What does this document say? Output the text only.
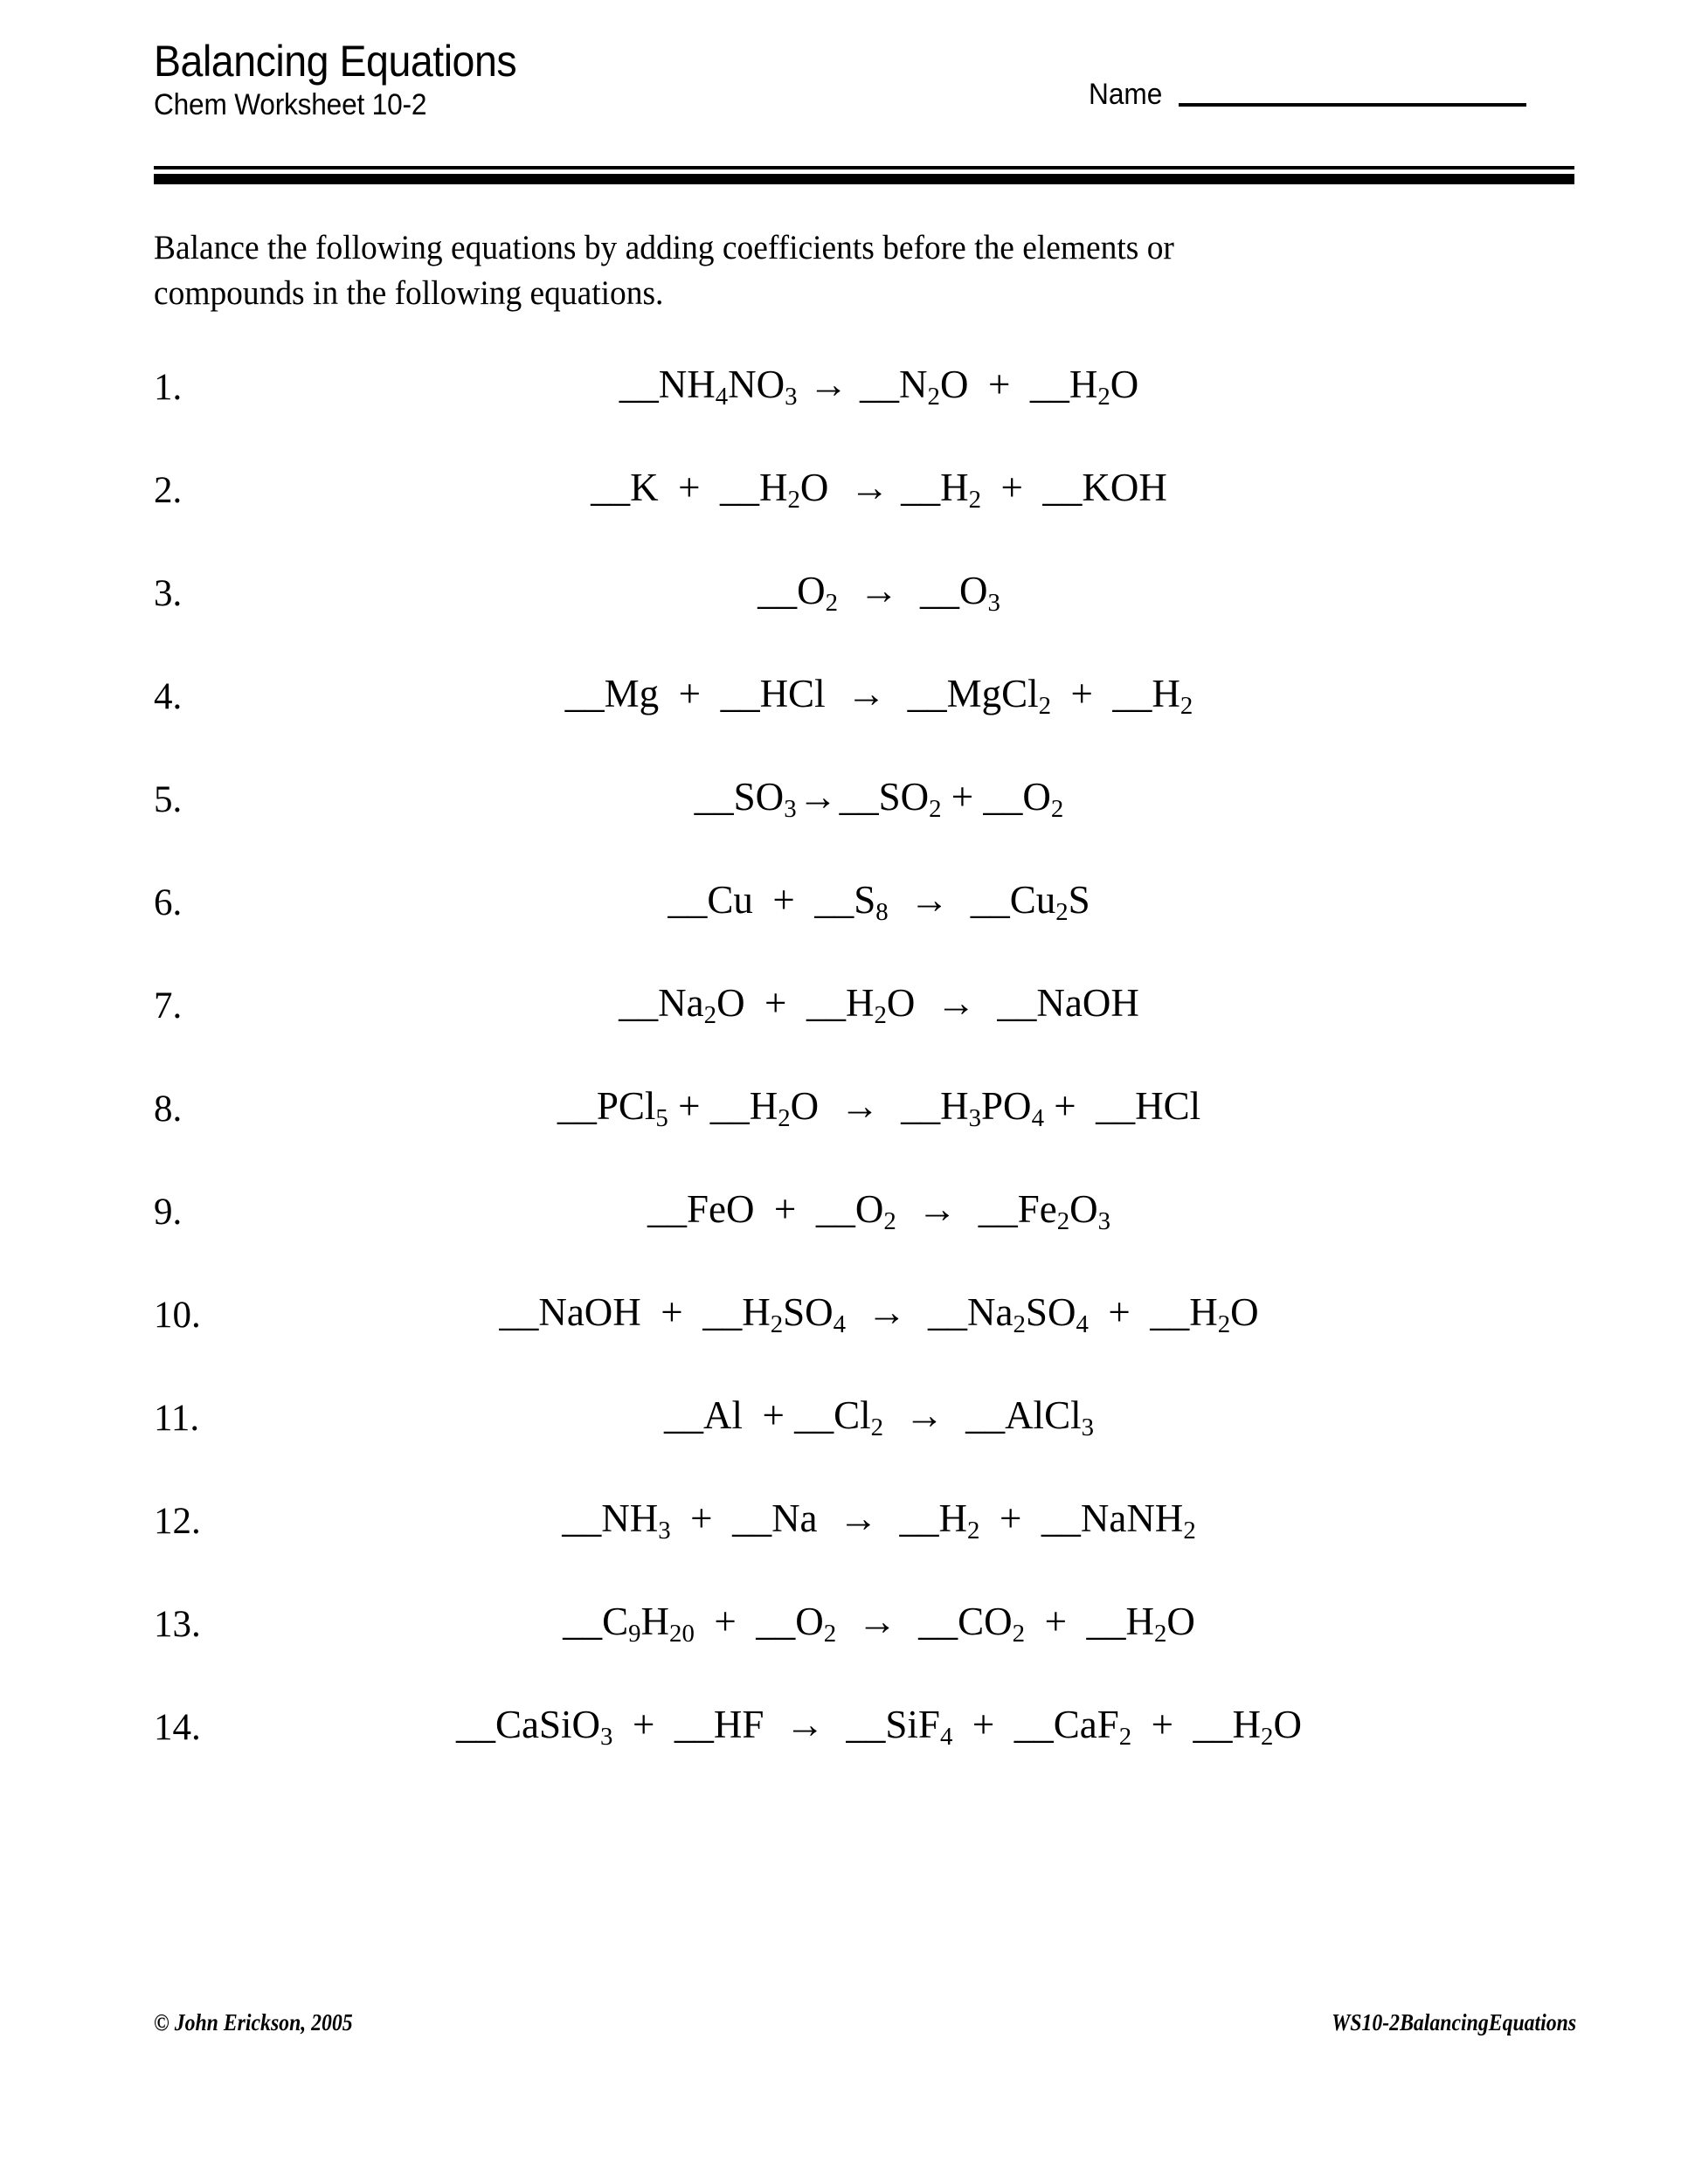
Balancing Equations
Chem Worksheet 10-2	Name
Balance the following equations by adding coefficients before the elements or
compounds in the following equations.
1.	$\_\_NH_4NO_3$ → $\_\_N_2O$  +  $\_\_H_2O$
2.	__K  +  $\_\_H_2O$  → $\_\_H_2$  +  __KOH
3.	$\_\_O_2$ → $\_\_O_3$
4.	__Mg  +  __HCl  → __MgCl$_2$  +  $\_\_H_2$
5.	$\_\_SO_3\to\_\_SO_2$ + $\_\_O_2$
6.	__Cu  +  $\_\_S_8$ → $\_\_Cu_2S$
7.	$\_\_Na_2O$  +  $\_\_H_2O$  → __NaOH
8.	__PCl$_5$ + $\_\_H_2O$  → $\_\_H_3PO_4$ +  __HCl
9.	__FeO  +  $\_\_O_2$ → $\_\_Fe_2O_3$
10.	__NaOH  +  $\_\_H_2SO_4$ → $\_\_Na_2SO_4$  +  $\_\_H_2O$
11.	__Al  + $\_\_Cl_2$ → __AlCl$_3$
12.	$\_\_NH_3$  +  __Na  → $\_\_H_2$  +  __NaNH$_2$
13.	$\_\_C_9H_{20}$  +  $\_\_O_2$ → $\_\_CO_2$  +  $\_\_H_2O$
14.	__CaSiO$_3$  +  __HF  → __SiF$_4$  +  __CaF$_2$  +  $\_\_H_2O$
© John Erickson, 2005	WS10-2BalancingEquations
